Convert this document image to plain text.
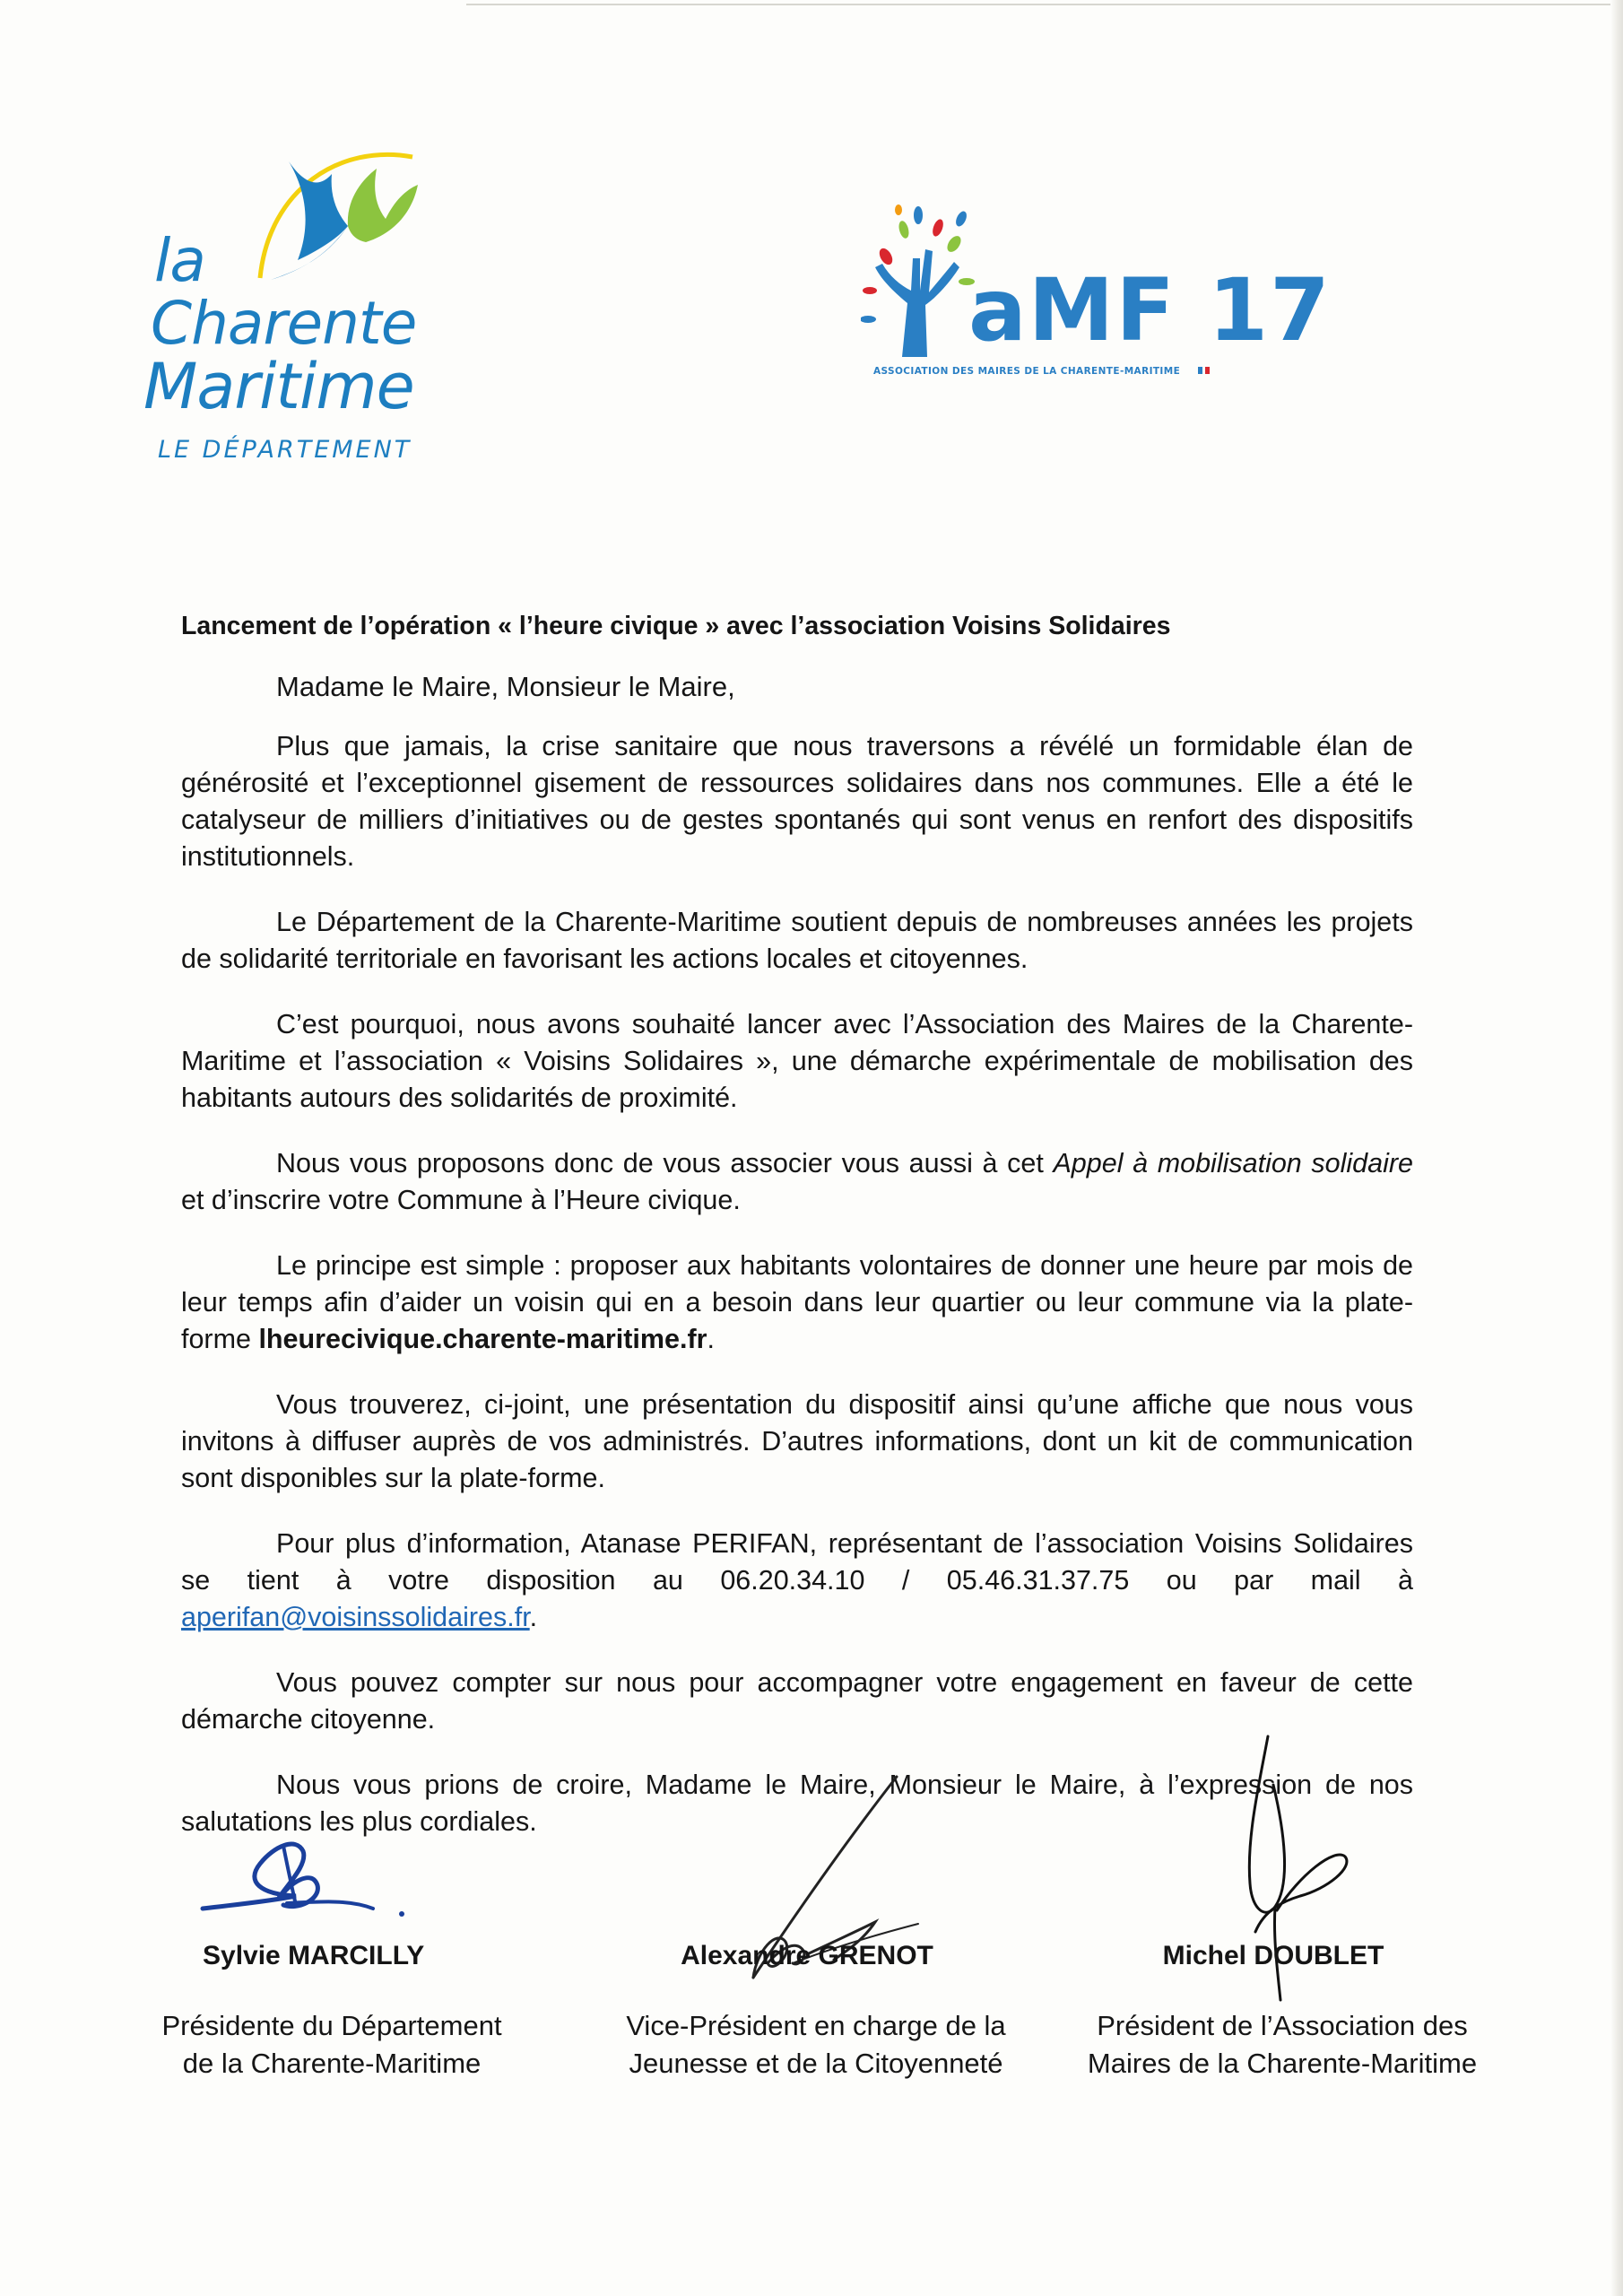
la
Charente
Maritime
LE DÉPARTEMENT
aMF 17
ASSOCIATION DES MAIRES DE LA CHARENTE-MARITIME
Lancement de l’opération « l’heure civique » avec l’association Voisins Solidaires
Madame le Maire, Monsieur le Maire,

Plus que jamais, la crise sanitaire que nous traversons a révélé un formidable élan de générosité et l’exceptionnel gisement de ressources solidaires dans nos communes. Elle a été le catalyseur de milliers d’initiatives ou de gestes spontanés qui sont venus en renfort des dispositifs institutionnels.

Le Département de la Charente-Maritime soutient depuis de nombreuses années les projets de solidarité territoriale en favorisant les actions locales et citoyennes.

C’est pourquoi, nous avons souhaité lancer avec l’Association des Maires de la Charente-Maritime et l’association « Voisins Solidaires », une démarche expérimentale de mobilisation des habitants autours des solidarités de proximité.

Nous vous proposons donc de vous associer vous aussi à cet Appel à mobilisation solidaire et d’inscrire votre Commune à l’Heure civique.

Le principe est simple : proposer aux habitants volontaires de donner une heure par mois de leur temps afin d’aider un voisin qui en a besoin dans leur quartier ou leur commune via la plate-forme lheurecivique.charente-maritime.fr.

Vous trouverez, ci-joint, une présentation du dispositif ainsi qu’une affiche que nous vous invitons à diffuser auprès de vos administrés. D’autres informations, dont un kit de communication sont disponibles sur la plate-forme.

Pour plus d’information, Atanase PERIFAN, représentant de l’association Voisins Solidaires se tient à votre disposition au 06.20.34.10 / 05.46.31.37.75 ou par mail à aperifan@voisinssolidaires.fr.

Vous pouvez compter sur nous pour accompagner votre engagement en faveur de cette démarche citoyenne.

Nous vous prions de croire, Madame le Maire, Monsieur le Maire, à l’expression de nos salutations les plus cordiales.

Sylvie MARCILLY
Présidente du Département
de la Charente-Maritime
Alexandre GRENOT
Vice-Président en charge de la
Jeunesse et de la Citoyenneté
Michel DOUBLET
Président de l’Association des
Maires de la Charente-Maritime
